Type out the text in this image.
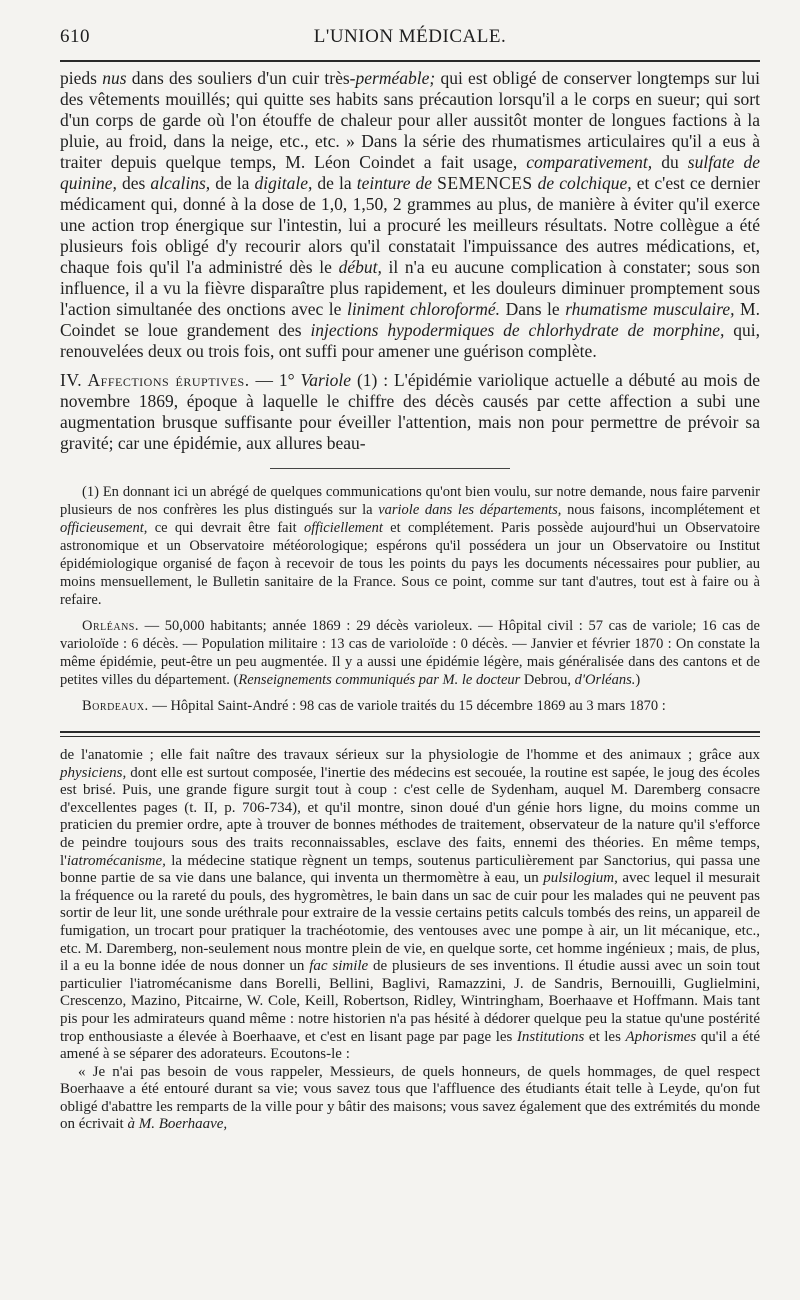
610	L'UNION MÉDICALE.

pieds nus dans des souliers d'un cuir très-perméable; qui est obligé de conserver longtemps sur lui des vêtements mouillés; qui quitte ses habits sans précaution lorsqu'il a le corps en sueur; qui sort d'un corps de garde où l'on étouffe de chaleur pour aller aussitôt monter de longues factions à la pluie, au froid, dans la neige, etc., etc. » Dans la série des rhumatismes articulaires qu'il a eus à traiter depuis quelque temps, M. Léon Coindet a fait usage, comparativement, du sulfate de quinine, des alcalins, de la digitale, de la teinture de SEMENCES de colchique, et c'est ce dernier médicament qui, donné à la dose de 1,0, 1,50, 2 grammes au plus, de manière à éviter qu'il exerce une action trop énergique sur l'intestin, lui a procuré les meilleurs résultats. Notre collègue a été plusieurs fois obligé d'y recourir alors qu'il constatait l'impuissance des autres médications, et, chaque fois qu'il l'a administré dès le début, il n'a eu aucune complication à constater; sous son influence, il a vu la fièvre disparaître plus rapidement, et les douleurs diminuer promptement sous l'action simultanée des onctions avec le liniment chloroformé. Dans le rhumatisme musculaire, M. Coindet se loue grandement des injections hypodermiques de chlorhydrate de morphine, qui, renouvelées deux ou trois fois, ont suffi pour amener une guérison complète.

IV. Affections éruptives. — 1° Variole (1) : L'épidémie variolique actuelle a débuté au mois de novembre 1869, époque à laquelle le chiffre des décès causés par cette affection a subi une augmentation brusque suffisante pour éveiller l'attention, mais non pour permettre de prévoir sa gravité; car une épidémie, aux allures beau-

(1) En donnant ici un abrégé de quelques communications qu'ont bien voulu, sur notre demande, nous faire parvenir plusieurs de nos confrères les plus distingués sur la variole dans les départements, nous faisons, incomplétement et officieusement, ce qui devrait être fait officiellement et complétement. Paris possède aujourd'hui un Observatoire astronomique et un Observatoire météorologique; espérons qu'il possédera un jour un Observatoire ou Institut épidémiologique organisé de façon à recevoir de tous les points du pays les documents nécessaires pour publier, au moins mensuellement, le Bulletin sanitaire de la France. Sous ce point, comme sur tant d'autres, tout est à faire ou à refaire.

Orléans. — 50,000 habitants; année 1869 : 29 décès varioleux. — Hôpital civil : 57 cas de variole; 16 cas de varioloïde : 6 décès. — Population militaire : 13 cas de varioloïde : 0 décès. — Janvier et février 1870 : On constate la même épidémie, peut-être un peu augmentée. Il y a aussi une épidémie légère, mais généralisée dans des cantons et de petites villes du département. (Renseignements communiqués par M. le docteur Debrou, d'Orléans.)

Bordeaux. — Hôpital Saint-André : 98 cas de variole traités du 15 décembre 1869 au 3 mars 1870 :

de l'anatomie ; elle fait naître des travaux sérieux sur la physiologie de l'homme et des animaux ; grâce aux physiciens, dont elle est surtout composée, l'inertie des médecins est secouée, la routine est sapée, le joug des écoles est brisé. Puis, une grande figure surgit tout à coup : c'est celle de Sydenham, auquel M. Daremberg consacre d'excellentes pages (t. II, p. 706-734), et qu'il montre, sinon doué d'un génie hors ligne, du moins comme un praticien du premier ordre, apte à trouver de bonnes méthodes de traitement, observateur de la nature qu'il s'efforce de peindre toujours sous des traits reconnaissables, esclave des faits, ennemi des théories. En même temps, l'iatromécanisme, la médecine statique règnent un temps, soutenus particulièrement par Sanctorius, qui passa une bonne partie de sa vie dans une balance, qui inventa un thermomètre à eau, un pulsilogium, avec lequel il mesurait la fréquence ou la rareté du pouls, des hygromètres, le bain dans un sac de cuir pour les malades qui ne peuvent pas sortir de leur lit, une sonde uréthrale pour extraire de la vessie certains petits calculs tombés des reins, un appareil de fumigation, un trocart pour pratiquer la trachéotomie, des ventouses avec une pompe à air, un lit mécanique, etc., etc. M. Daremberg, non-seulement nous montre plein de vie, en quelque sorte, cet homme ingénieux ; mais, de plus, il a eu la bonne idée de nous donner un fac simile de plusieurs de ses inventions. Il étudie aussi avec un soin tout particulier l'iatromécanisme dans Borelli, Bellini, Baglivi, Ramazzini, J. de Sandris, Bernouilli, Guglielmini, Crescenzo, Mazino, Pitcairne, W. Cole, Keill, Robertson, Ridley, Wintringham, Boerhaave et Hoffmann. Mais tant pis pour les admirateurs quand même : notre historien n'a pas hésité à dédorer quelque peu la statue qu'une postérité trop enthousiaste a élevée à Boerhaave, et c'est en lisant page par page les Institutions et les Aphorismes qu'il a été amené à se séparer des adorateurs. Ecoutons-le :

« Je n'ai pas besoin de vous rappeler, Messieurs, de quels honneurs, de quels hommages, de quel respect Boerhaave a été entouré durant sa vie; vous savez tous que l'affluence des étudiants était telle à Leyde, qu'on fut obligé d'abattre les remparts de la ville pour y bâtir des maisons; vous savez également que des extrémités du monde on écrivait à M. Boerhaave,
